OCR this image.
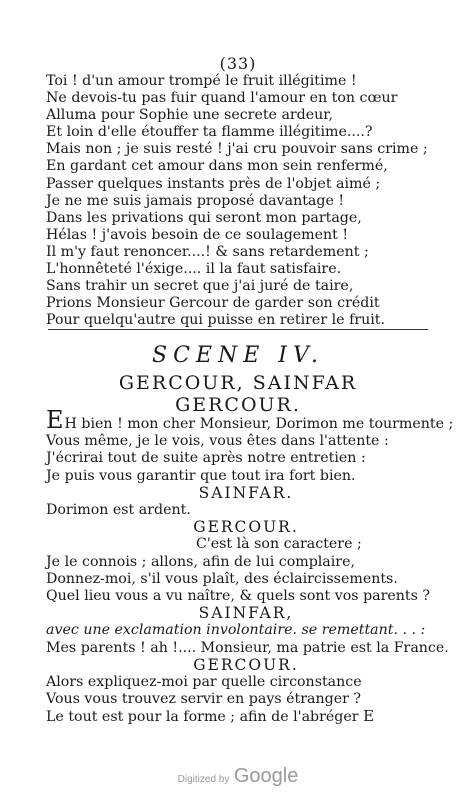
(33)
Toi ! d'un amour trompé le fruit illégitime !
Ne devois-tu pas fuir quand l'amour en ton cœur
Alluma pour Sophie une secrete ardeur,
Et loin d'elle étouffer ta flamme illégitime....?
Mais non ; je suis resté ! j'ai cru pouvoir sans crime ;
En gardant cet amour dans mon sein renfermé,
Passer quelques instants près de l'objet aimé ;
Je ne me suis jamais proposé davantage !
Dans les privations qui seront mon partage,
Hélas ! j'avois besoin de ce soulagement !
Il m'y faut renoncer....! & sans retardement ;
L'honnêteté l'éxige.... il la faut satisfaire.
Sans trahir un secret que j'ai juré de taire,
Prions Monsieur Gercour de garder son crédit
Pour quelqu'autre qui puisse en retirer le fruit.
SCENE IV.
GERCOUR, SAINFAR
GERCOUR.
EH bien ! mon cher Monsieur, Dorimon me tourmente ;
Vous même, je le vois, vous êtes dans l'attente :
J'écrirai tout de suite après notre entretien :
Je puis vous garantir que tout ira fort bien.
SAINFAR.
Dorimon est ardent.
GERCOUR.
C'est là son caractere ;
Je le connois ; allons, afin de lui complaire,
Donnez-moi, s'il vous plaît, des éclaircissements.
Quel lieu vous a vu naître, & quels sont vos parents ?
SAINFAR,
avec une exclamation involontaire. se remettant. . . :
Mes parents ! ah !.... Monsieur, ma patrie est la France.
GERCOUR.
Alors expliquez-moi par quelle circonstance
Vous vous trouvez servir en pays étranger ?
Le tout est pour la forme ; afin de l'abréger E
Digitized by Google
